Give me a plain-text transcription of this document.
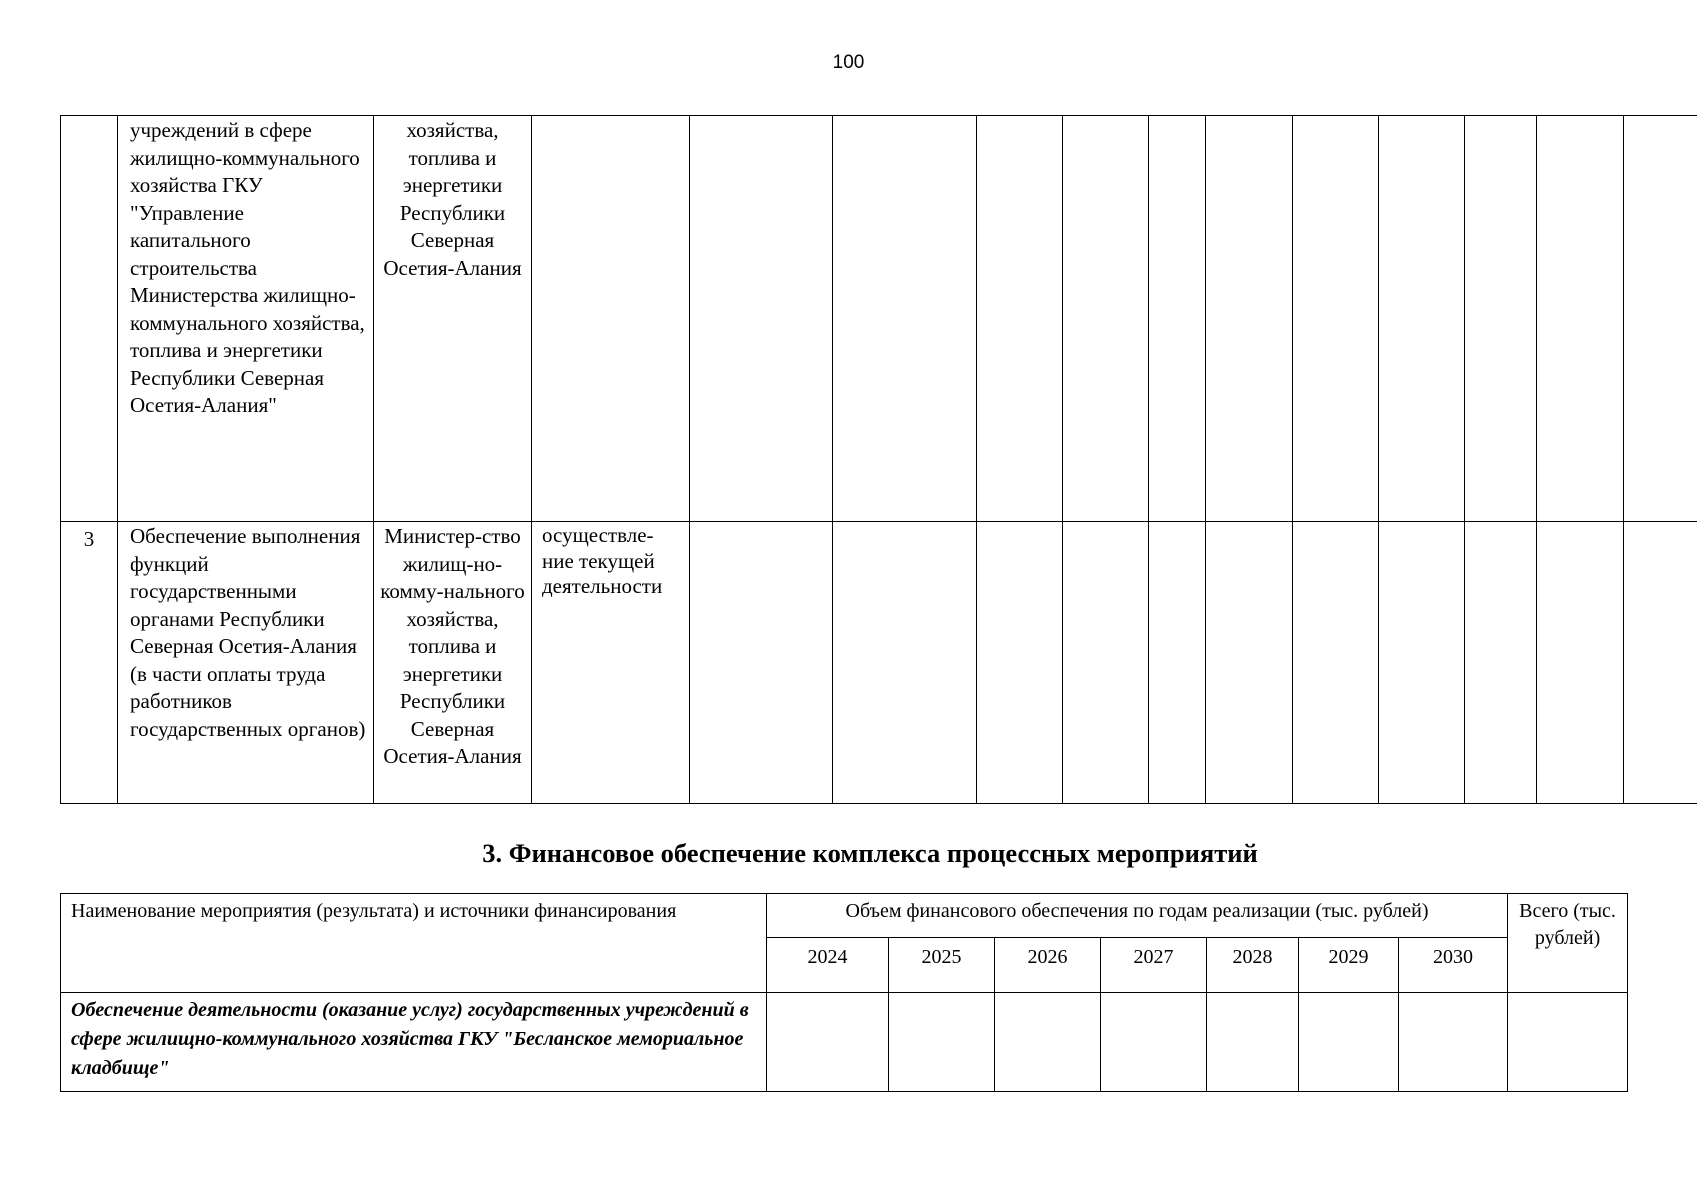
100
	учреждений в сфере жилищно-коммунального хозяйства ГКУ "Управление капитального строительства Министерства жилищно-коммунального хозяйства, топлива и энергетики Республики Северная Осетия-Алания"	хозяйства, топлива и энергетики Республики Северная Осетия-Алания												
3	Обеспечение выполнения функций государственными органами Республики Северная Осетия-Алания (в части оплаты труда работников государственных органов)	Министер-ство жилищ-но-комму-нального хозяйства, топлива и энергетики Республики Северная Осетия-Алания	осуществле-ние текущей деятельности											
3. Финансовое обеспечение комплекса процессных мероприятий
Наименование мероприятия (результата) и источники финансирования	Объем финансового обеспечения по годам реализации (тыс. рублей)							Всего (тыс. рублей)
	2024	2025	2026	2027	2028	2029	2030	
Обеспечение деятельности (оказание услуг) государственных учреждений в сфере жилищно-коммунального хозяйства ГКУ "Бесланское мемориальное кладбище"								
